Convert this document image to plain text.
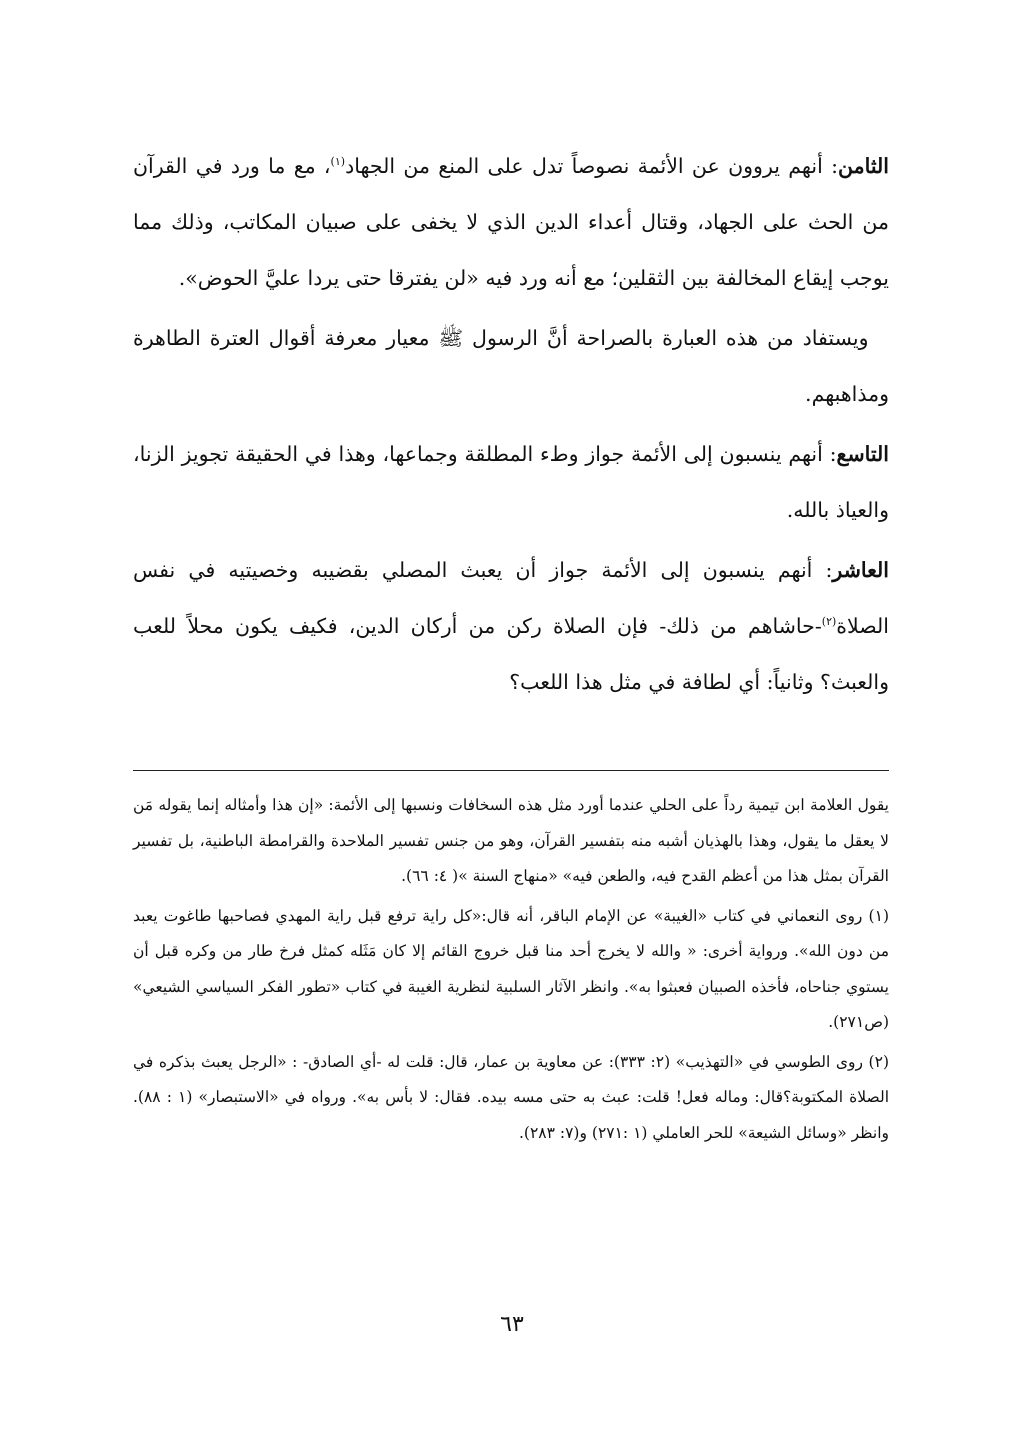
الثامن: أنهم يروون عن الأئمة نصوصاً تدل على المنع من الجهاد$^{(١)}$، مع ما ورد في القرآن من الحث على الجهاد، وقتال أعداء الدين الذي لا يخفى على صبيان المكاتب، وذلك مما يوجب إيقاع المخالفة بين الثقلين؛ مع أنه ورد فيه «لن يفترقا حتى يردا عليَّ الحوض».

 ويستفاد من هذه العبارة بالصراحة أنَّ الرسول ﷺ معيار معرفة أقوال العترة الطاهرة ومذاهبهم.

التاسع: أنهم ينسبون إلى الأئمة جواز وطء المطلقة وجماعها، وهذا في الحقيقة تجويز الزنا، والعياذ بالله.

العاشر: أنهم ينسبون إلى الأئمة جواز أن يعبث المصلي بقضيبه وخصيتيه في نفس الصلاة$^{(٢)}$-حاشاهم من ذلك- فإن الصلاة ركن من أركان الدين، فكيف يكون محلاً للعب والعبث؟ وثانياً: أي لطافة في مثل هذا اللعب؟

يقول العلامة ابن تيمية رداً على الحلي عندما أورد مثل هذه السخافات ونسبها إلى الأئمة: «إن هذا وأمثاله إنما يقوله مَن لا يعقل ما يقول، وهذا بالهذيان أشبه منه بتفسير القرآن، وهو من جنس تفسير الملاحدة والقرامطة الباطنية، بل تفسير القرآن بمثل هذا من أعظم القدح فيه، والطعن فيه» «منهاج السنة »( ٤: ٦٦).

(١) روى النعماني في كتاب «الغيبة» عن الإمام الباقر، أنه قال:«كل راية ترفع قبل راية المهدي فصاحبها طاغوت يعبد من دون الله». ورواية أخرى: « والله لا يخرج أحد منا قبل خروج القائم إلا كان مَثَله كمثل فرخ طار من وكره قبل أن يستوي جناحاه، فأخذه الصبيان فعبثوا به». وانظر الآثار السلبية لنظرية الغيبة في كتاب «تطور الفكر السياسي الشيعي» (ص٢٧١).

(٢) روى الطوسي في «التهذيب» (٢: ٣٣٣): عن معاوية بن عمار، قال: قلت له -أي الصادق- : «الرجل يعبث بذكره في الصلاة المكتوبة؟قال: وماله فعل! قلت: عبث به حتى مسه بيده. فقال: لا بأس به». ورواه في «الاستبصار» (١ : ٨٨). وانظر «وسائل الشيعة» للحر العاملي (١ :٢٧١) و(٧: ٢٨٣).

٦٣
